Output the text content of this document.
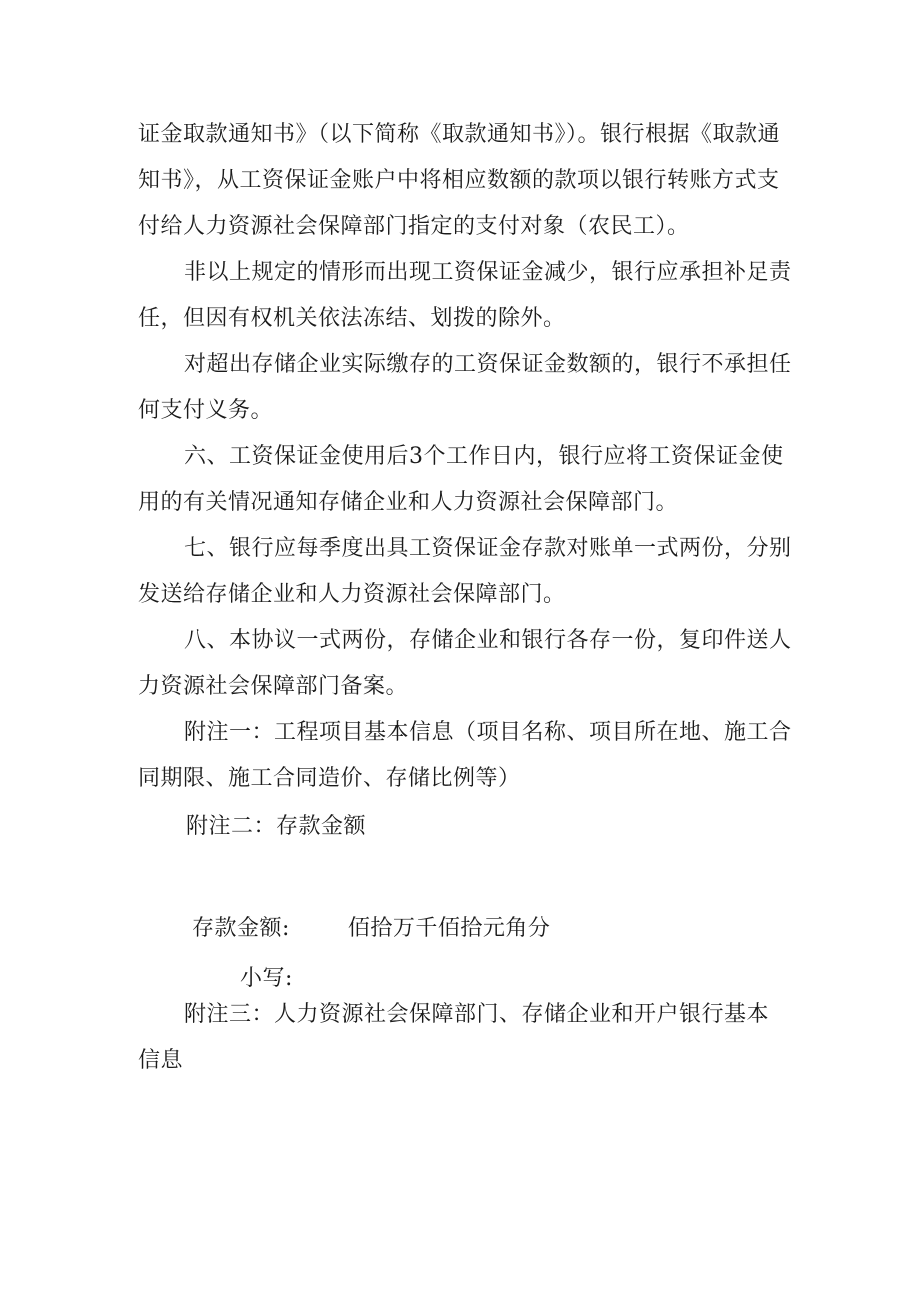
证金取款通知书》（以下简称《取款通知书》）。银行根据《取款通知书》，从工资保证金账户中将相应数额的款项以银行转账方式支付给人力资源社会保障部门指定的支付对象（农民工）。

非以上规定的情形而出现工资保证金减少，银行应承担补足责任，但因有权机关依法冻结、划拨的除外。

对超出存储企业实际缴存的工资保证金数额的，银行不承担任何支付义务。

六、工资保证金使用后3个工作日内，银行应将工资保证金使用的有关情况通知存储企业和人力资源社会保障部门。

七、银行应每季度出具工资保证金存款对账单一式两份，分别发送给存储企业和人力资源社会保障部门。

八、本协议一式两份，存储企业和银行各存一份，复印件送人力资源社会保障部门备案。

附注一：工程项目基本信息（项目名称、项目所在地、施工合同期限、施工合同造价、存储比例等）

附注二：存款金额

存款金额:	佰拾万千佰拾元角分

小写:

附注三：人力资源社会保障部门、存储企业和开户银行基本信息
